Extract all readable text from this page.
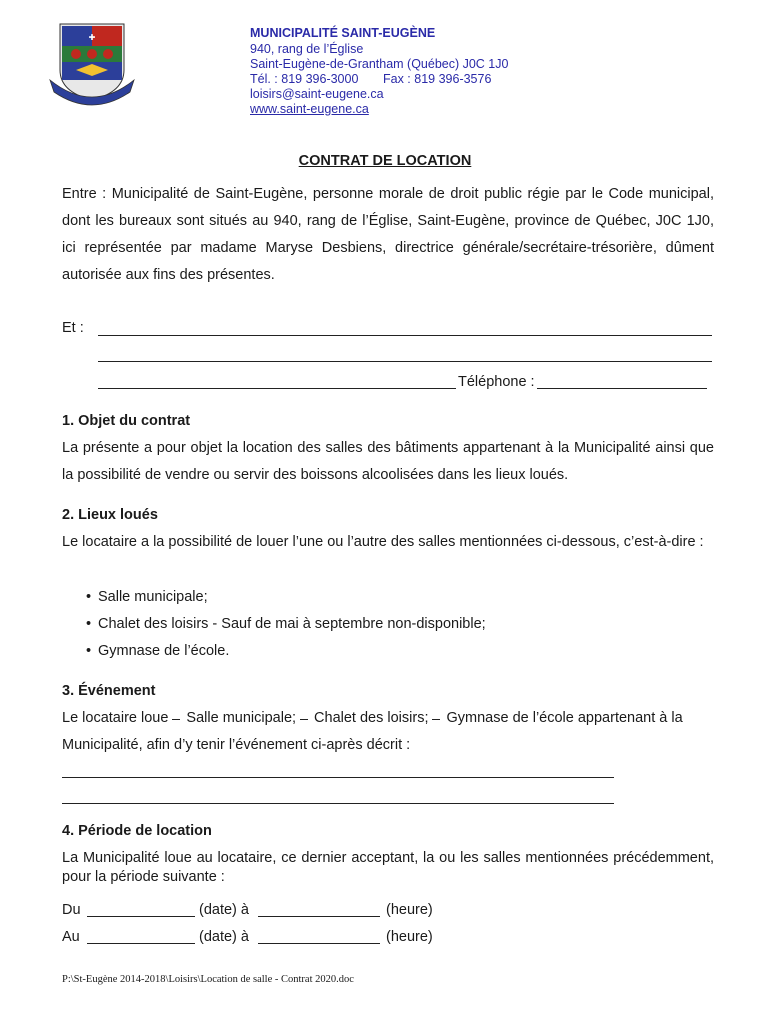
✚	MUNICIPALITÉ SAINT-EUGÈNE
940, rang de l’Église
Saint-Eugène-de-Grantham (Québec) J0C 1J0
Tél. : 819 396-3000 Fax : 819 396-3576
loisirs@saint-eugene.ca
www.saint-eugene.ca
CONTRAT DE LOCATION
Entre : Municipalité de Saint-Eugène, personne morale de droit public régie par le Code municipal, dont les bureaux sont situés au 940, rang de l’Église, Saint-Eugène, province de Québec, J0C 1J0, ici représentée par madame Maryse Desbiens, directrice générale/secrétaire-trésorière, dûment autorisée aux fins des présentes.
Et :
Téléphone :
1. Objet du contrat
La présente a pour objet la location des salles des bâtiments appartenant à la Municipalité ainsi que la possibilité de vendre ou servir des boissons alcoolisées dans les lieux loués.
2. Lieux loués
Le locataire a la possibilité de louer l’une ou l’autre des salles mentionnées ci-dessous, c’est-à-dire :
• Salle municipale;
• Chalet des loisirs - Sauf de mai à septembre non-disponible;
• Gymnase de l’école.
3. Événement
Le locataire loue Salle municipale; Chalet des loisirs; Gymnase de l’école appartenant à la
Municipalité, afin d’y tenir l’événement ci-après décrit :
4. Période de location
La Municipalité loue au locataire, ce dernier acceptant, la ou les salles mentionnées précédemment, pour la période suivante :
Du	(date) à	(heure)
Au	(date) à	(heure)
P:\St-Eugène 2014-2018\Loisirs\Location de salle - Contrat 2020.doc
